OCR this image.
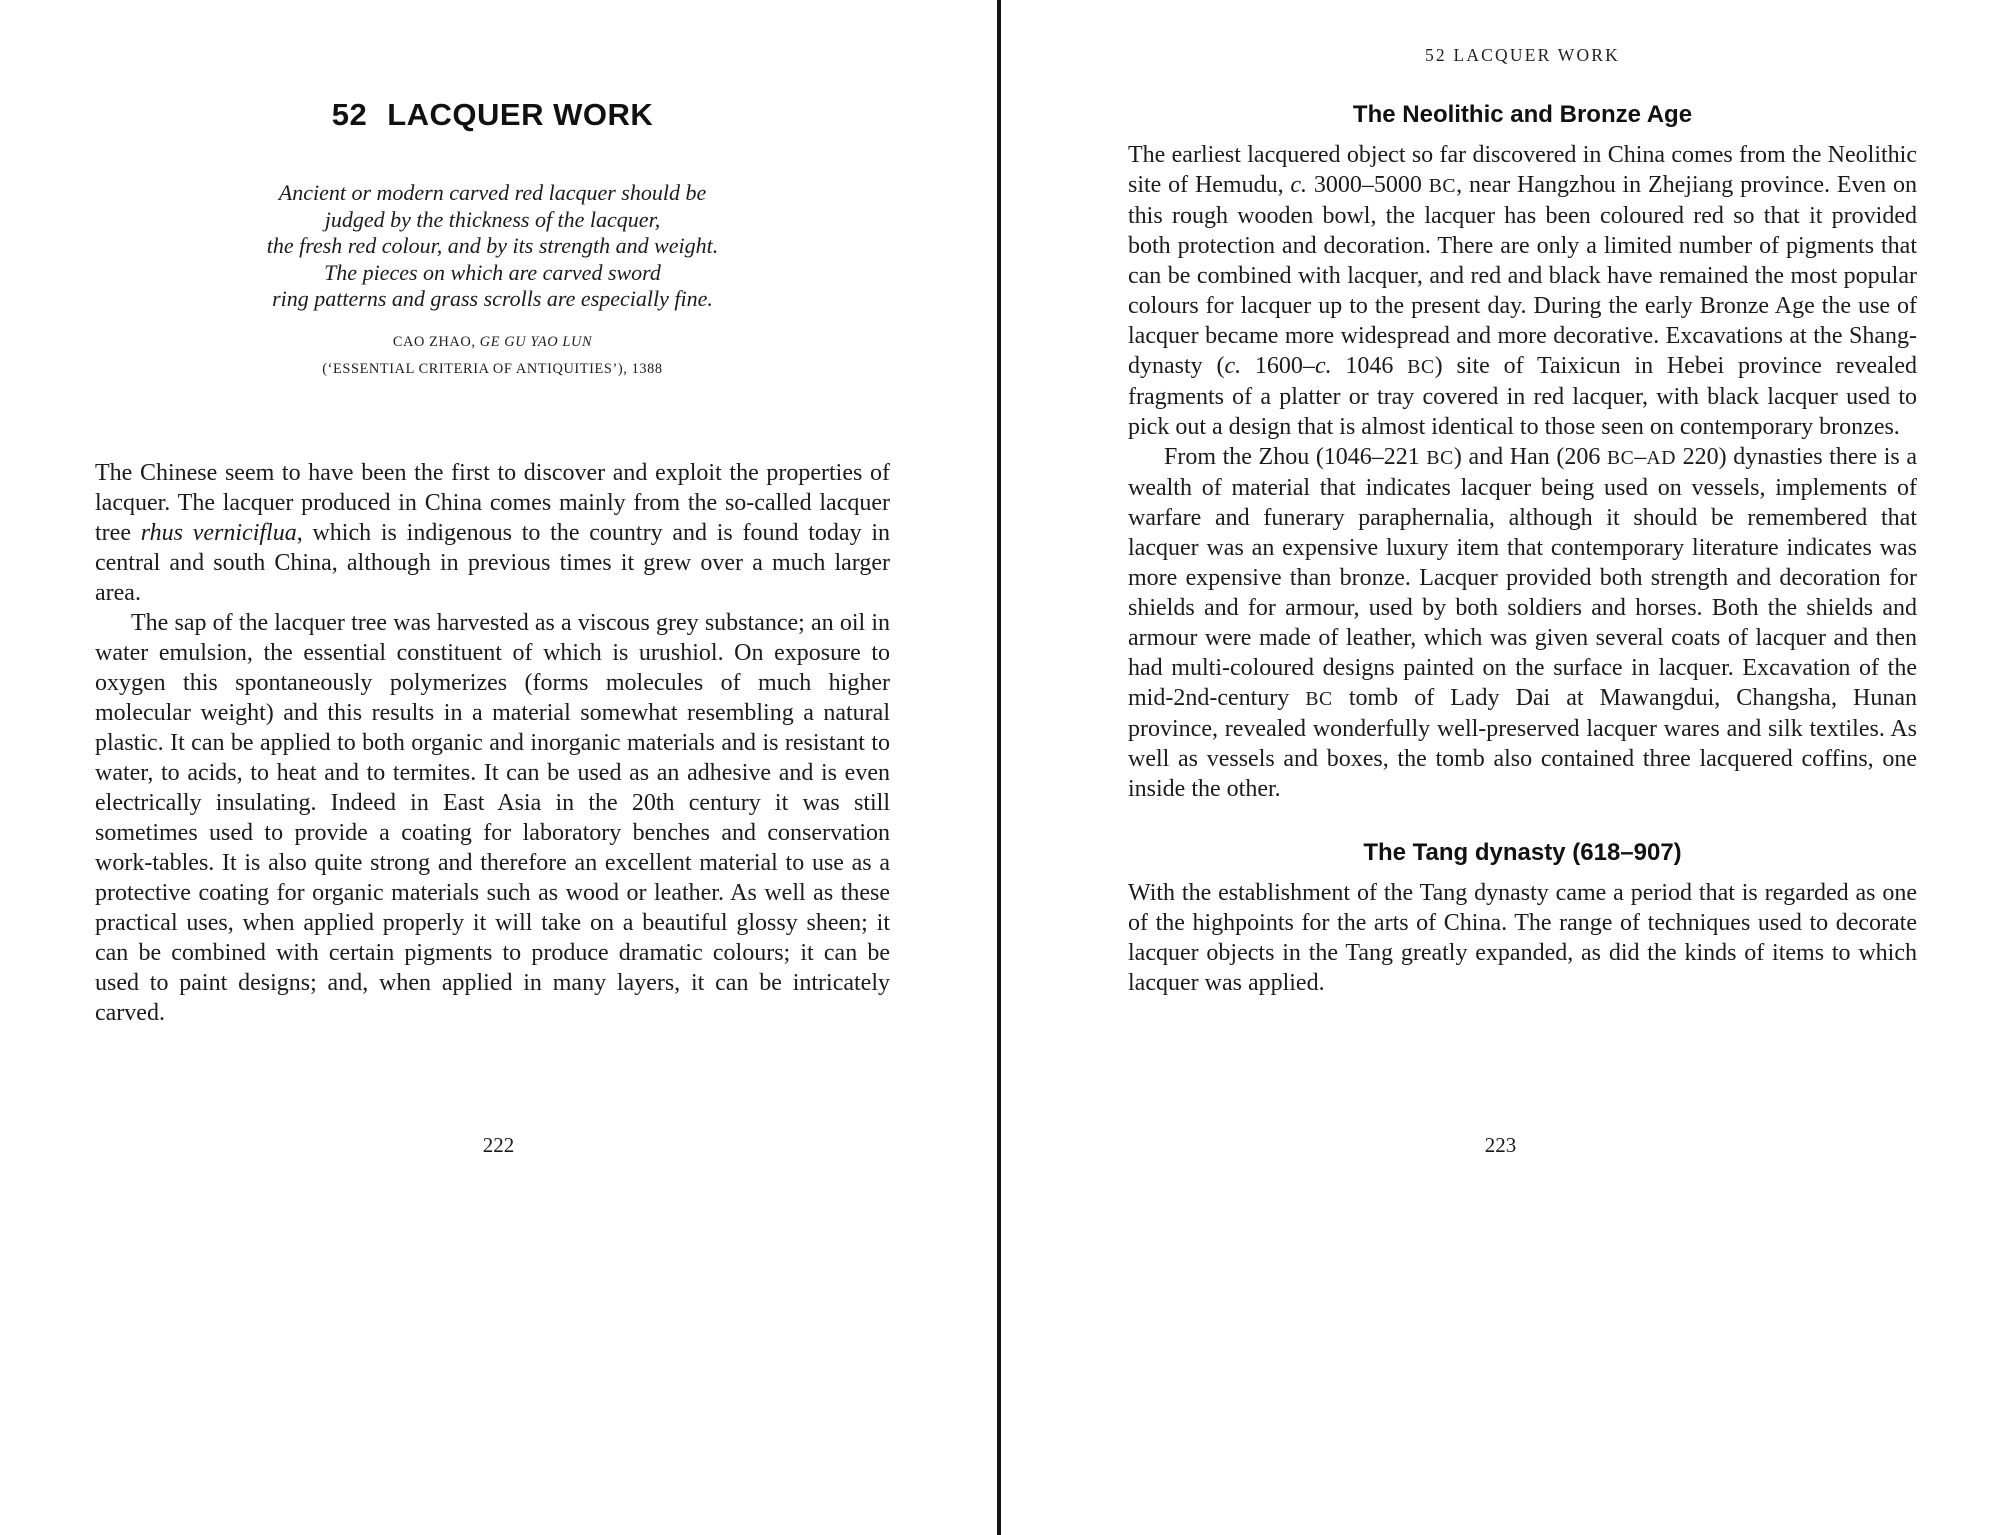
52 LACQUER WORK
Ancient or modern carved red lacquer should be
judged by the thickness of the lacquer,
the fresh red colour, and by its strength and weight.
The pieces on which are carved sword
ring patterns and grass scrolls are especially fine.

CAO ZHAO, GE GU YAO LUN

(‘ESSENTIAL CRITERIA OF ANTIQUITIES’), 1388

The Chinese seem to have been the first to discover and exploit the properties of lacquer. The lacquer produced in China comes mainly from the so-called lacquer tree rhus verniciflua, which is indigenous to the country and is found today in central and south China, although in previous times it grew over a much larger area.

The sap of the lacquer tree was harvested as a viscous grey substance; an oil in water emulsion, the essential constituent of which is urushiol. On exposure to oxygen this spontaneously polymerizes (forms molecules of much higher molecular weight) and this results in a material somewhat resembling a natural plastic. It can be applied to both organic and inorganic materials and is resistant to water, to acids, to heat and to termites. It can be used as an adhesive and is even electrically insulating. Indeed in East Asia in the 20th century it was still sometimes used to provide a coating for laboratory benches and conservation work-tables. It is also quite strong and therefore an excellent material to use as a protective coating for organic materials such as wood or leather. As well as these practical uses, when applied properly it will take on a beautiful glossy sheen; it can be combined with certain pigments to produce dramatic colours; it can be used to paint designs; and, when applied in many layers, it can be intricately carved.

222
52 LACQUER WORK
The Neolithic and Bronze Age

The earliest lacquered object so far discovered in China comes from the Neolithic site of Hemudu, c. 3000–5000 BC, near Hangzhou in Zhejiang province. Even on this rough wooden bowl, the lacquer has been coloured red so that it provided both protection and decoration. There are only a limited number of pigments that can be combined with lacquer, and red and black have remained the most popular colours for lacquer up to the present day. During the early Bronze Age the use of lacquer became more widespread and more decorative. Excavations at the Shang-dynasty (c. 1600–c. 1046 BC) site of Taixicun in Hebei province revealed fragments of a platter or tray covered in red lacquer, with black lacquer used to pick out a design that is almost identical to those seen on contemporary bronzes.

From the Zhou (1046–221 BC) and Han (206 BC–AD 220) dynasties there is a wealth of material that indicates lacquer being used on vessels, implements of warfare and funerary paraphernalia, although it should be remembered that lacquer was an expensive luxury item that contemporary literature indicates was more expensive than bronze. Lacquer provided both strength and decoration for shields and for armour, used by both soldiers and horses. Both the shields and armour were made of leather, which was given several coats of lacquer and then had multi-coloured designs painted on the surface in lacquer. Excavation of the mid-2nd-century BC tomb of Lady Dai at Mawangdui, Changsha, Hunan province, revealed wonderfully well-preserved lacquer wares and silk textiles. As well as vessels and boxes, the tomb also contained three lacquered coffins, one inside the other.

The Tang dynasty (618–907)

With the establishment of the Tang dynasty came a period that is regarded as one of the highpoints for the arts of China. The range of techniques used to decorate lacquer objects in the Tang greatly expanded, as did the kinds of items to which lacquer was applied.

223
